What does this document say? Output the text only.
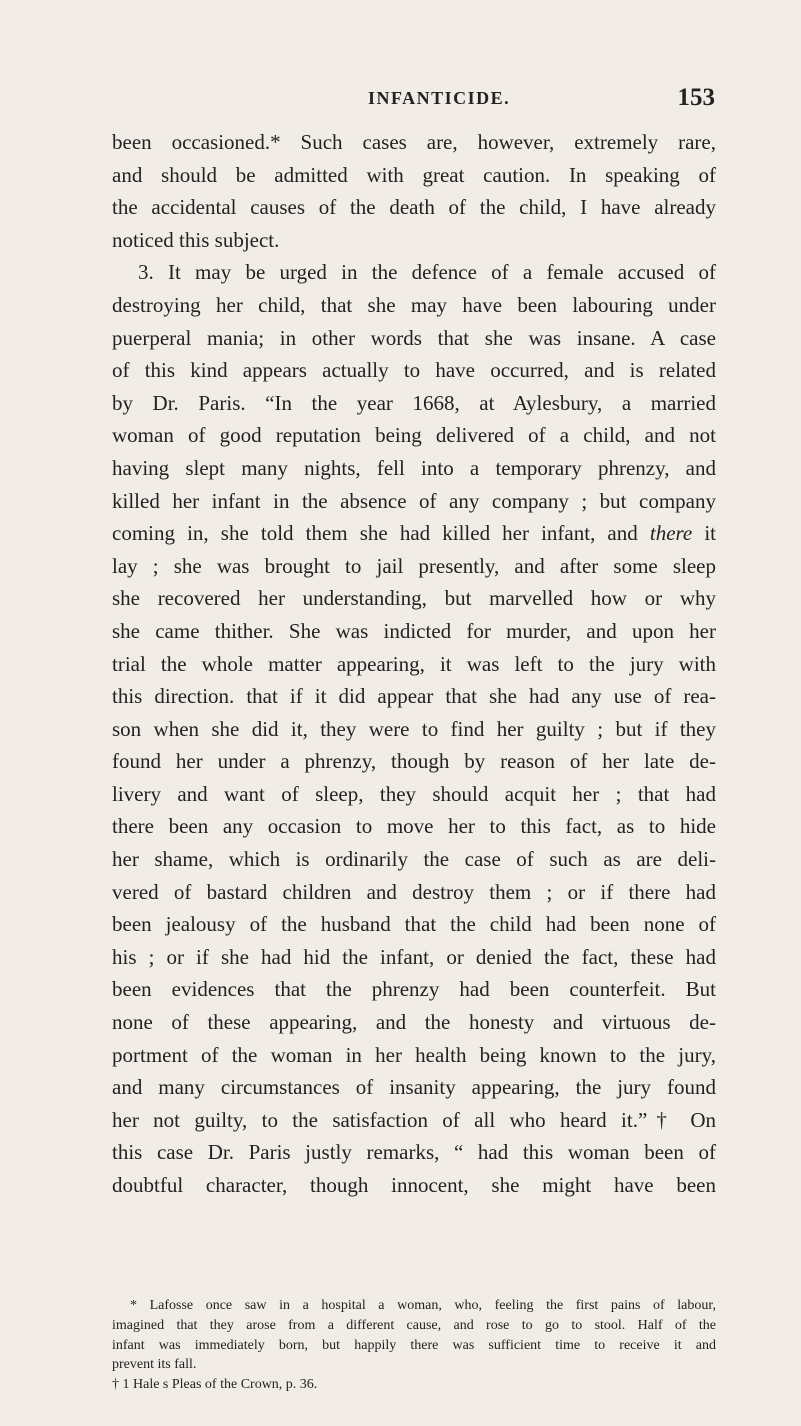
INFANTICIDE.	153
been occasioned.* Such cases are, however, extremely rare,
and should be admitted with great caution. In speaking of
the accidental causes of the death of the child, I have already
noticed this subject.
3. It may be urged in the defence of a female accused of
destroying her child, that she may have been labouring under
puerperal mania; in other words that she was insane. A case
of this kind appears actually to have occurred, and is related
by Dr. Paris. “In the year 1668, at Aylesbury, a married
woman of good reputation being delivered of a child, and not
having slept many nights, fell into a temporary phrenzy, and
killed her infant in the absence of any company ; but company
coming in, she told them she had killed her infant, and there it
lay ; she was brought to jail presently, and after some sleep
she recovered her understanding, but marvelled how or why
she came thither. She was indicted for murder, and upon her
trial the whole matter appearing, it was left to the jury with
this direction. that if it did appear that she had any use of rea-
son when she did it, they were to find her guilty ; but if they
found her under a phrenzy, though by reason of her late de-
livery and want of sleep, they should acquit her ; that had
there been any occasion to move her to this fact, as to hide
her shame, which is ordinarily the case of such as are deli-
vered of bastard children and destroy them ; or if there had
been jealousy of the husband that the child had been none of
his ; or if she had hid the infant, or denied the fact, these had
been evidences that the phrenzy had been counterfeit. But
none of these appearing, and the honesty and virtuous de-
portment of the woman in her health being known to the jury,
and many circumstances of insanity appearing, the jury found
her not guilty, to the satisfaction of all who heard it.”† On
this case Dr. Paris justly remarks, “ had this woman been of
doubtful character, though innocent, she might have been
* Lafosse once saw in a hospital a woman, who, feeling the first pains of labour,
imagined that they arose from a different cause, and rose to go to stool. Half of the
infant was immediately born, but happily there was sufficient time to receive it and
prevent its fall.
† 1 Hale s Pleas of the Crown, p. 36.
